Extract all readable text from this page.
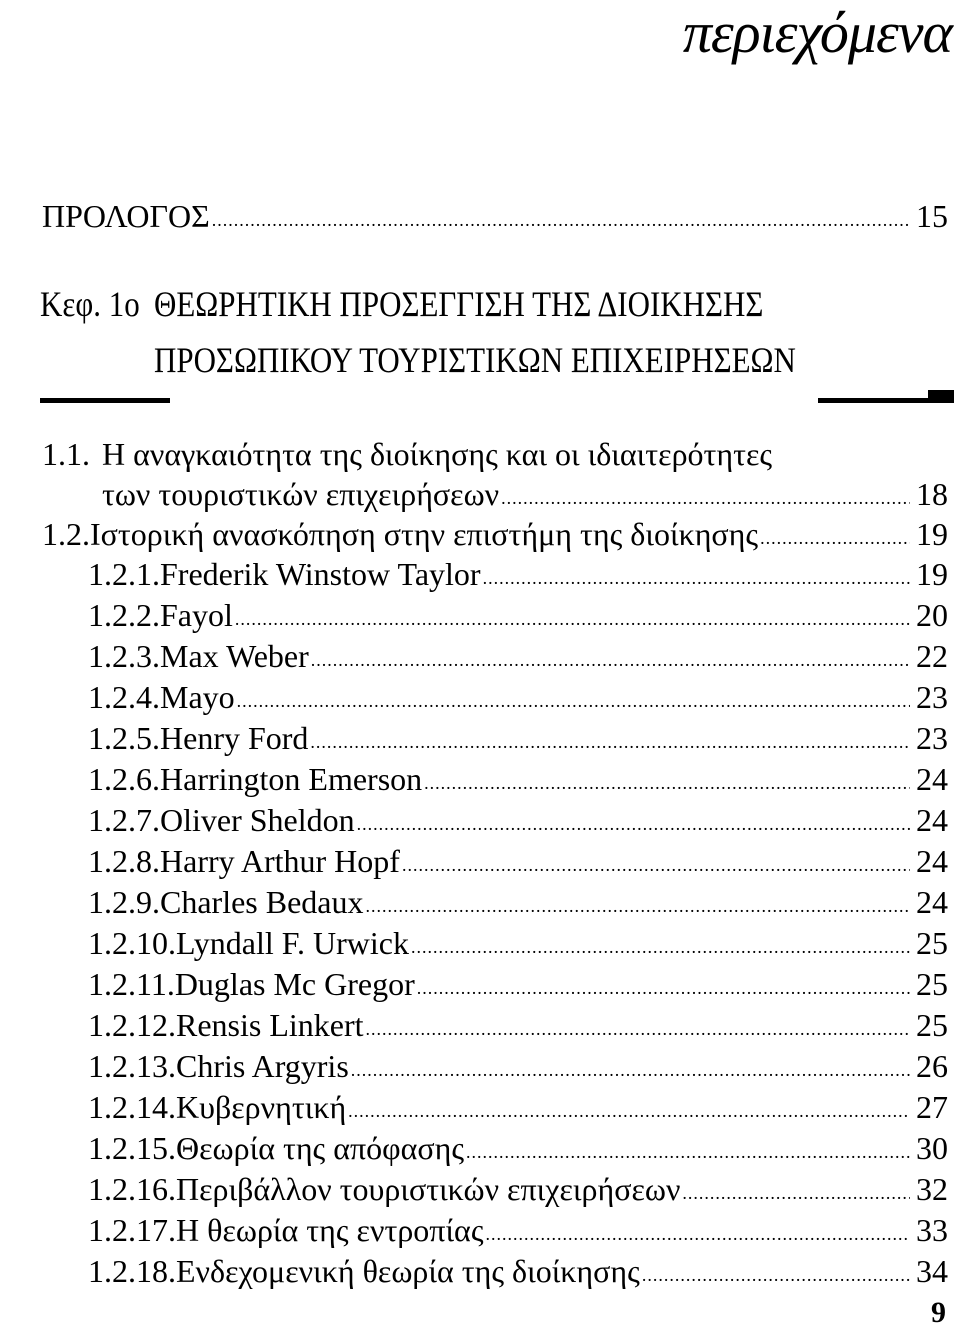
περιεχόμενα
ΠΡΟΛΟΓΟΣ .....	15
Κεφ. 1ο ΘΕΩΡΗΤΙΚΗ ΠΡΟΣΕΓΓΙΣΗ ΤΗΣ ΔΙΟΙΚΗΣΗΣ
ΠΡΟΣΩΠΙΚΟΥ ΤΟΥΡΙΣΤΙΚΩΝ ΕΠΙΧΕΙΡΗΣΕΩΝ
1.1. Η αναγκαιότητα της διοίκησης και οι ιδιαιτερότητες
των τουριστικών επιχειρήσεων .....	18
1.2. Ιστορική ανασκόπηση στην επιστήμη της διοίκησης .....	19
1.2.1. Frederik Winstow Taylor .....	19
1.2.2. Fayol .....	20
1.2.3. Max Weber .....	22
1.2.4. Mayo .....	23
1.2.5. Henry Ford .....	23
1.2.6. Harrington Emerson .....	24
1.2.7. Oliver Sheldon .....	24
1.2.8. Harry Arthur Hopf .....	24
1.2.9. Charles Bedaux .....	24
1.2.10. Lyndall F. Urwick .....	25
1.2.11. Duglas Mc Gregor .....	25
1.2.12. Rensis Linkert .....	25
1.2.13. Chris Argyris .....	26
1.2.14. Κυβερνητική .....	27
1.2.15. Θεωρία της απόφασης .....	30
1.2.16. Περιβάλλον τουριστικών επιχειρήσεων .....	32
1.2.17. Η θεωρία της εντροπίας .....	33
1.2.18. Ενδεχομενική θεωρία της διοίκησης .....	34
9
